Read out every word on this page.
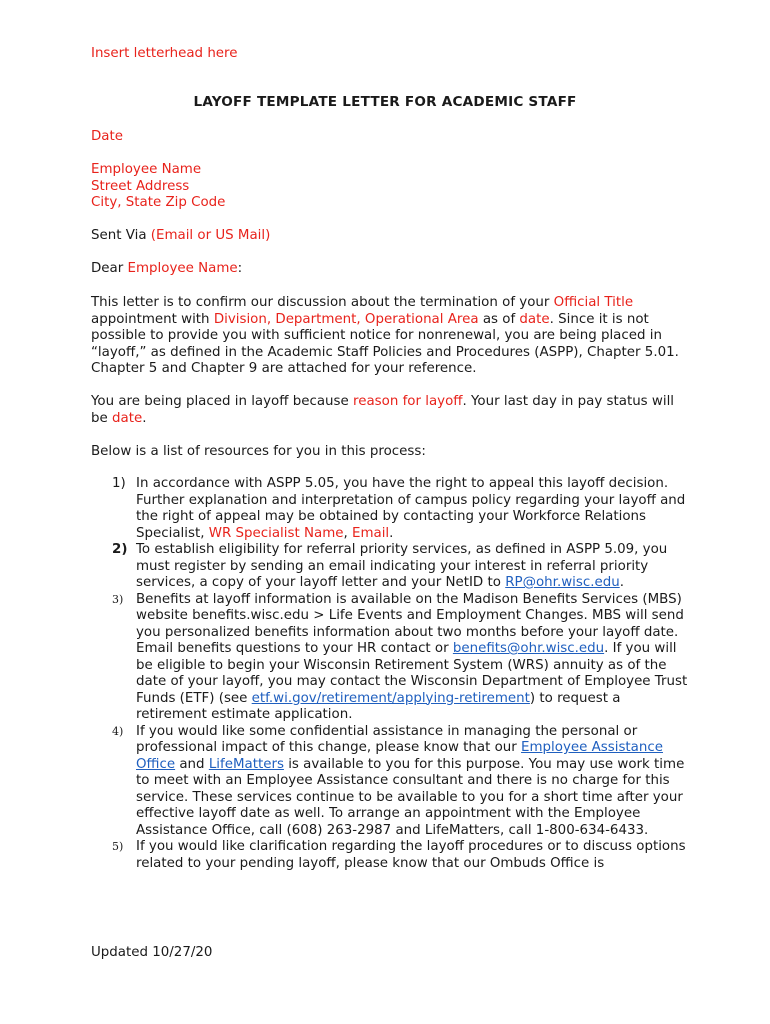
Insert letterhead here

LAYOFF TEMPLATE LETTER FOR ACADEMIC STAFF

Date

Employee Name
Street Address
City, State Zip Code

Sent Via (Email or US Mail)

Dear Employee Name:

This letter is to confirm our discussion about the termination of your Official Title appointment with Division, Department, Operational Area as of date. Since it is not possible to provide you with sufficient notice for nonrenewal, you are being placed in “layoff,” as defined in the Academic Staff Policies and Procedures (ASPP), Chapter 5.01. Chapter 5 and Chapter 9 are attached for your reference.

You are being placed in layoff because reason for layoff. Your last day in pay status will be date.

Below is a list of resources for you in this process:

1) In accordance with ASPP 5.05, you have the right to appeal this layoff decision. Further explanation and interpretation of campus policy regarding your layoff and the right of appeal may be obtained by contacting your Workforce Relations Specialist, WR Specialist Name, Email.
2) To establish eligibility for referral priority services, as defined in ASPP 5.09, you must register by sending an email indicating your interest in referral priority services, a copy of your layoff letter and your NetID to RP@ohr.wisc.edu.
3) Benefits at layoff information is available on the Madison Benefits Services (MBS) website benefits.wisc.edu > Life Events and Employment Changes. MBS will send you personalized benefits information about two months before your layoff date. Email benefits questions to your HR contact or benefits@ohr.wisc.edu. If you will be eligible to begin your Wisconsin Retirement System (WRS) annuity as of the date of your layoff, you may contact the Wisconsin Department of Employee Trust Funds (ETF) (see etf.wi.gov/retirement/applying-retirement) to request a retirement estimate application.
4) If you would like some confidential assistance in managing the personal or professional impact of this change, please know that our Employee Assistance Office and LifeMatters is available to you for this purpose. You may use work time to meet with an Employee Assistance consultant and there is no charge for this service. These services continue to be available to you for a short time after your effective layoff date as well. To arrange an appointment with the Employee Assistance Office, call (608) 263-2987 and LifeMatters, call 1-800-634-6433.
5) If you would like clarification regarding the layoff procedures or to discuss options related to your pending layoff, please know that our Ombuds Office is

Updated 10/27/20
